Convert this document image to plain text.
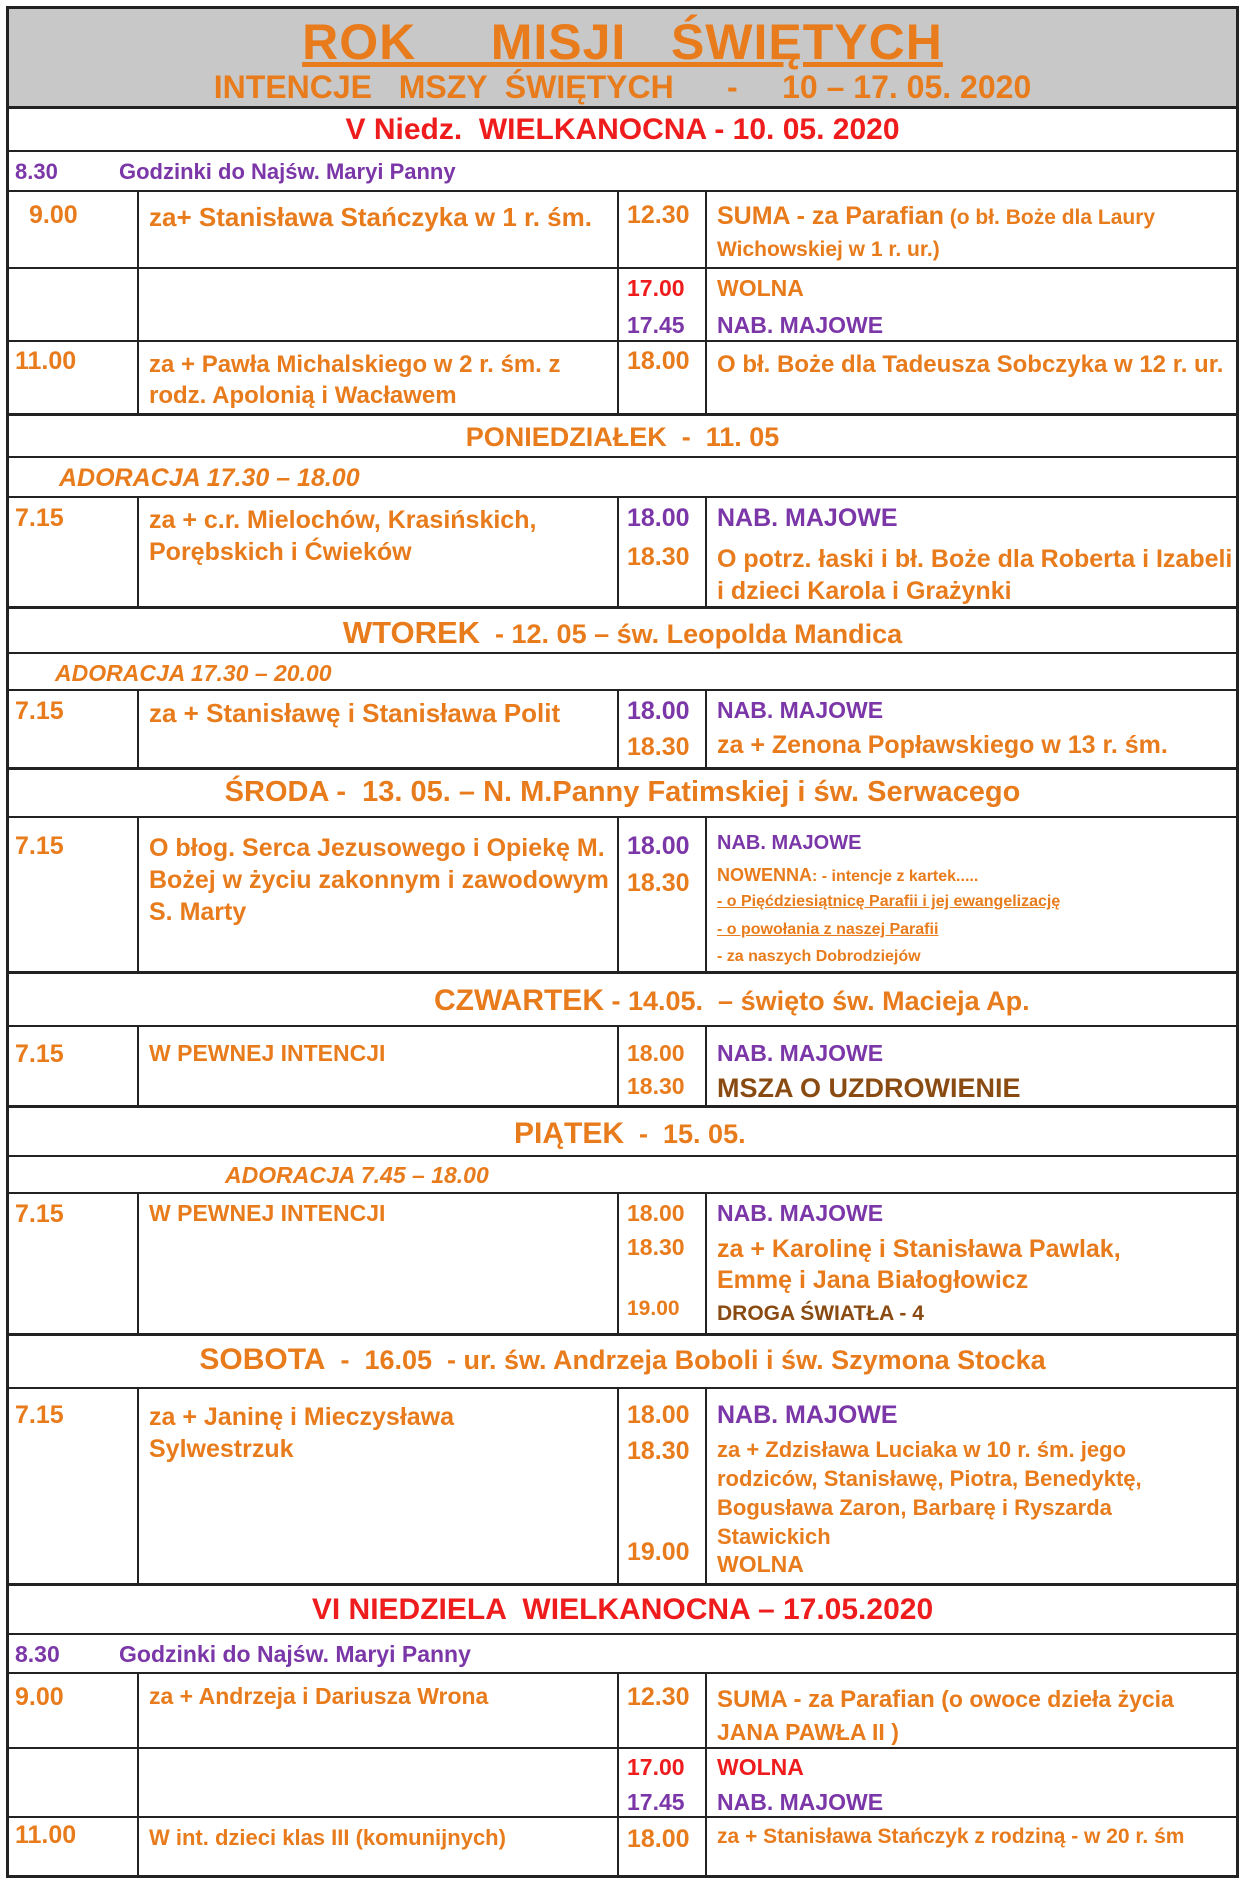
ROK     MISJI   ŚWIĘTYCH
INTENCJE   MSZY  ŚWIĘTYCH      -     10 – 17. 05. 2020
V Niedz.  WIELKANOCNA - 10. 05. 2020
8.30	Godzinki do Najśw. Maryi Panny
9.00	za+ Stanisława Stańczyka w 1 r. śm.	12.30 SUMA - za Parafian (o bł. Boże dla Laury Wichowskiej w 1 r. ur.)
17.00 WOLNA
17.45 NAB. MAJOWE
11.00	za + Pawła Michalskiego w 2 r. śm. z rodz. Apolonią i Wacławem
18.00 O bł. Boże dla Tadeusza Sobczyka w 12 r. ur.
PONIEDZIAŁEK  -  11. 05
ADORACJA 17.30 – 18.00
7.15	za + c.r. Mielochów, Krasińskich, Porębskich i Ćwieków
18.00 NAB. MAJOWE
18.30 O potrz. łaski i bł. Boże dla Roberta i Izabeli i dzieci Karola i Grażynki
WTOREK  - 12. 05 – św. Leopolda Mandica
ADORACJA 17.30 – 20.00
7.15	za + Stanisławę i Stanisława Polit	18.00 NAB. MAJOWE
18.30 za + Zenona Popławskiego w 13 r. śm.
ŚRODA -  13. 05. – N. M.Panny Fatimskiej i św. Serwacego
7.15	O błog. Serca Jezusowego i Opiekę M. Bożej w życiu zakonnym i zawodowym S. Marty
18.00 NAB. MAJOWE
18.30 NOWENNA: - intencje z kartek.....
- o Pięćdziesiątnicę Parafii i jej ewangelizację
- o powołania z naszej Parafii
- za naszych Dobrodziejów
CZWARTEK - 14.05.  – święto św. Macieja Ap.
7.15	W PEWNEJ INTENCJI	18.00 NAB. MAJOWE
18.30 MSZA O UZDROWIENIE
PIĄTEK  -  15. 05.
ADORACJA 7.45 – 18.00
7.15	W PEWNEJ INTENCJI	18.00 NAB. MAJOWE
18.30 za + Karolinę i Stanisława Pawlak, Emmę i Jana Białogłowicz
19.00 DROGA ŚWIATŁA - 4
SOBOTA  -  16.05  - ur. św. Andrzeja Boboli i św. Szymona Stocka
7.15	za + Janinę i Mieczysława Sylwestrzuk
18.00 NAB. MAJOWE
18.30 za + Zdzisława Luciaka w 10 r. śm. jego rodziców, Stanisławę, Piotra, Benedyktę, Bogusława Zaron, Barbarę i Ryszarda Stawickich
19.00 WOLNA
VI NIEDZIELA  WIELKANOCNA – 17.05.2020
8.30	Godzinki do Najśw. Maryi Panny
9.00	za + Andrzeja i Dariusza Wrona	12.30 SUMA - za Parafian (o owoce dzieła życia JANA PAWŁA II )
17.00 WOLNA
17.45 NAB. MAJOWE
11.00	W int. dzieci klas III (komunijnych)	18.00 za + Stanisława Stańczyk z rodziną - w 20 r. śm
